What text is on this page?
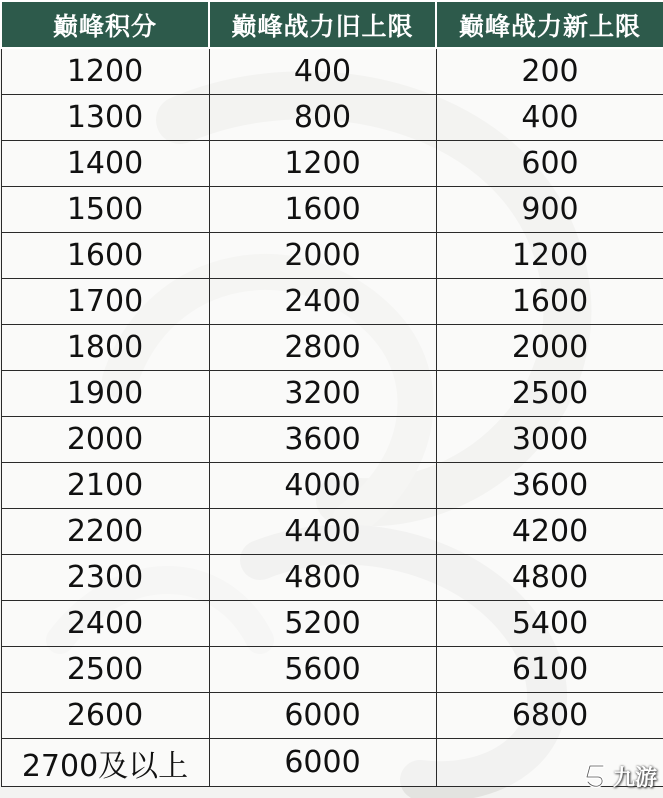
巅峰积分	巅峰战力旧上限	巅峰战力新上限
1200	400	200
1300	800	400
1400	1200	600
1500	1600	900
1600	2000	1200
1700	2400	1600
1800	2800	2000
1900	3200	2500
2000	3600	3000
2100	4000	3600
2200	4400	4200
2300	4800	4800
2400	5200	5400
2500	5600	6100
2600	6000	6800
2700及以上	6000		九游
